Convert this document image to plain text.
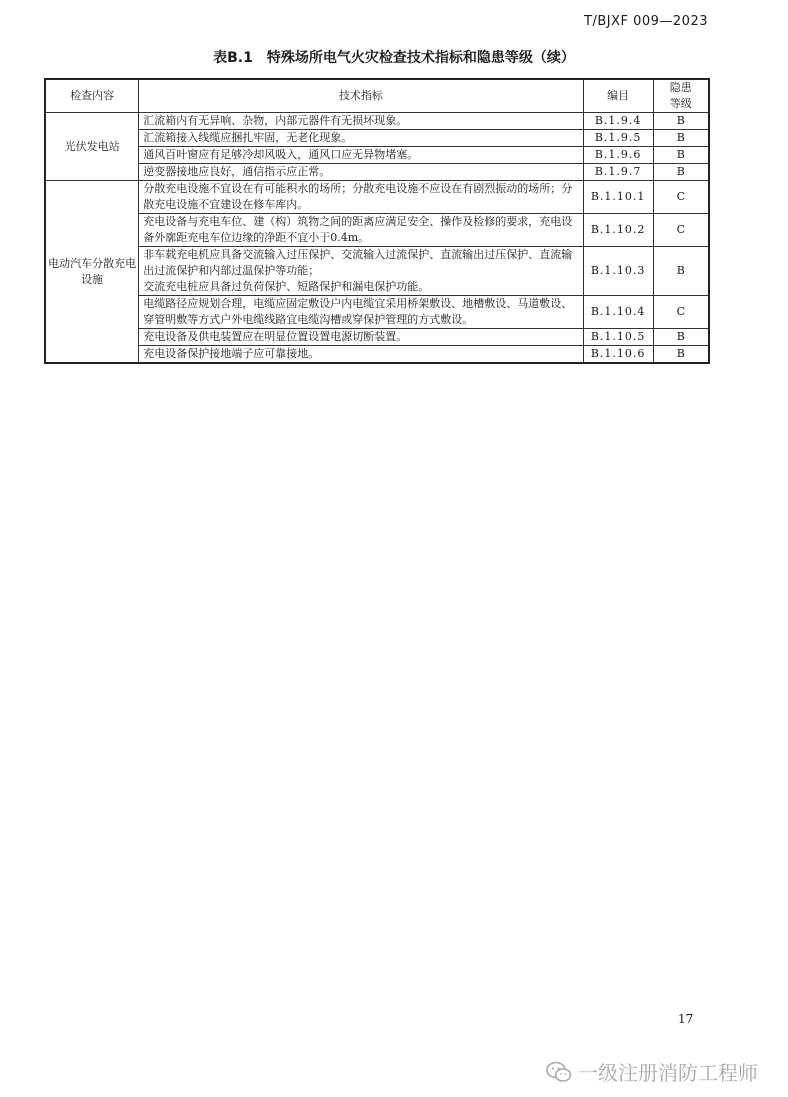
T/BJXF 009—2023
表B.1　特殊场所电气火灾检查技术指标和隐患等级（续）
检查内容	技术指标	编目	隐患
等级
光伏发电站	汇流箱内有无异响、杂物，内部元器件有无损坏现象。	B.1.9.4	B
	汇流箱接入线缆应捆扎牢固，无老化现象。	B.1.9.5	B
	通风百叶窗应有足够冷却风吸入，通风口应无异物堵塞。	B.1.9.6	B
	逆变器接地应良好，通信指示应正常。	B.1.9.7	B
电动汽车分散充电设施	分散充电设施不宜设在有可能积水的场所；分散充电设施不应设在有剧烈振动的场所；分散充电设施不宜建设在修车库内。	B.1.10.1	C
	充电设备与充电车位、建（构）筑物之间的距离应满足安全、操作及检修的要求，充电设备外廓距充电车位边缘的净距不宜小于0.4m。	B.1.10.2	C
	非车载充电机应具备交流输入过压保护、交流输入过流保护、直流输出过压保护、直流输出过流保护和内部过温保护等功能；
交流充电桩应具备过负荷保护、短路保护和漏电保护功能。	B.1.10.3	B
	电缆路径应规划合理，电缆应固定敷设户内电缆宜采用桥架敷设、地槽敷设、马道敷设、穿管明敷等方式户外电缆线路宜电缆沟槽或穿保护管理的方式敷设。	B.1.10.4	C
	充电设备及供电装置应在明显位置设置电源切断装置。	B.1.10.5	B
	充电设备保护接地端子应可靠接地。	B.1.10.6	B
17
一级注册消防工程师
